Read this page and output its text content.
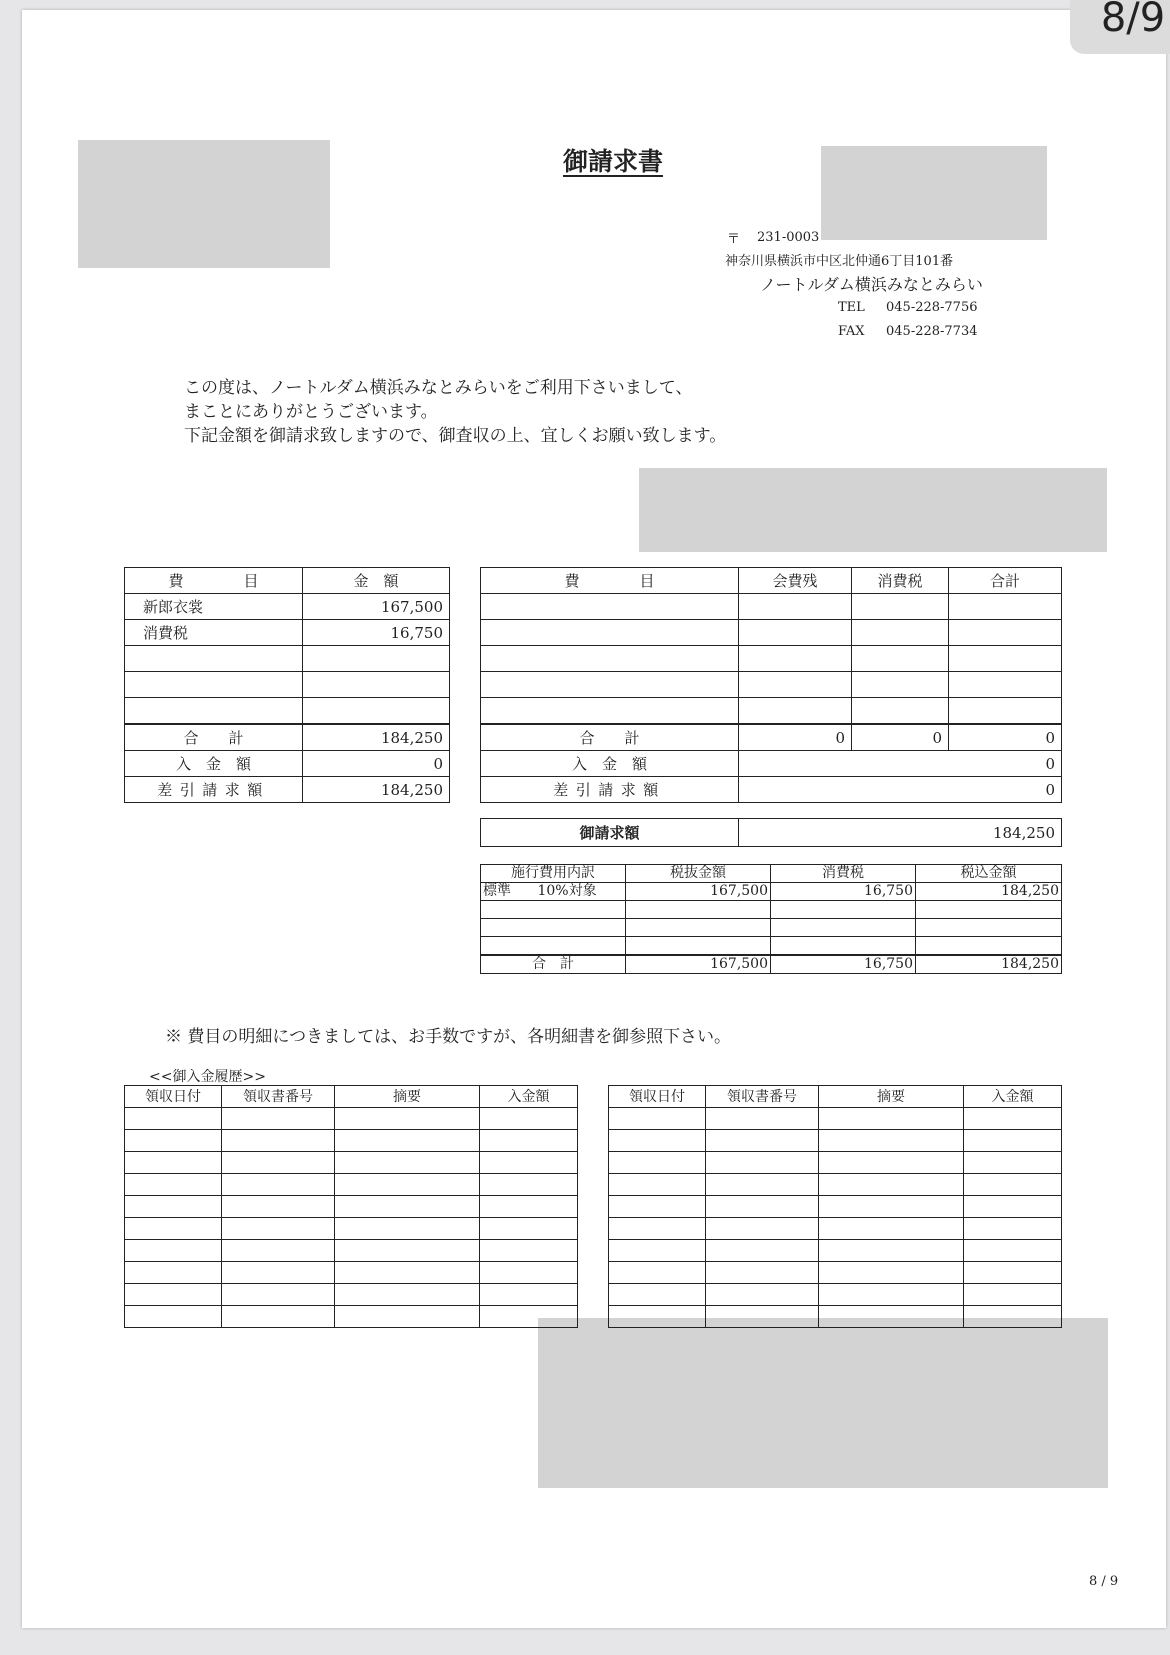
8/9
御請求書
〒 231-0003
神奈川県横浜市中区北仲通6丁目101番
ノートルダム横浜みなとみらい
TEL 045-228-7756
FAX 045-228-7734
この度は、ノートルダム横浜みなとみらいをご利用下さいまして、
まことにありがとうございます。
下記金額を御請求致しますので、御査収の上、宜しくお願い致します。
費　　　　目	金　額
新郎衣裳	167,500
消費税	16,750

合　　計	184,250
入　金　額	0
差引請求額	184,250
費　　　　目	会費残	消費税	合計

合　　計	0	0	0
入　金　額	0		
差引請求額	0		
御請求額	184,250
施行費用内訳	税抜金額	消費税	税込金額
標準 10%対象	167,500	16,750	184,250

合　計	167,500	16,750	184,250
※ 費目の明細につきましては、お手数ですが、各明細書を御参照下さい。
<<御入金履歴>>
領収日付	領収書番号	摘要	入金額

				領収日付	領収書番号	摘要	入金額

8 / 9
